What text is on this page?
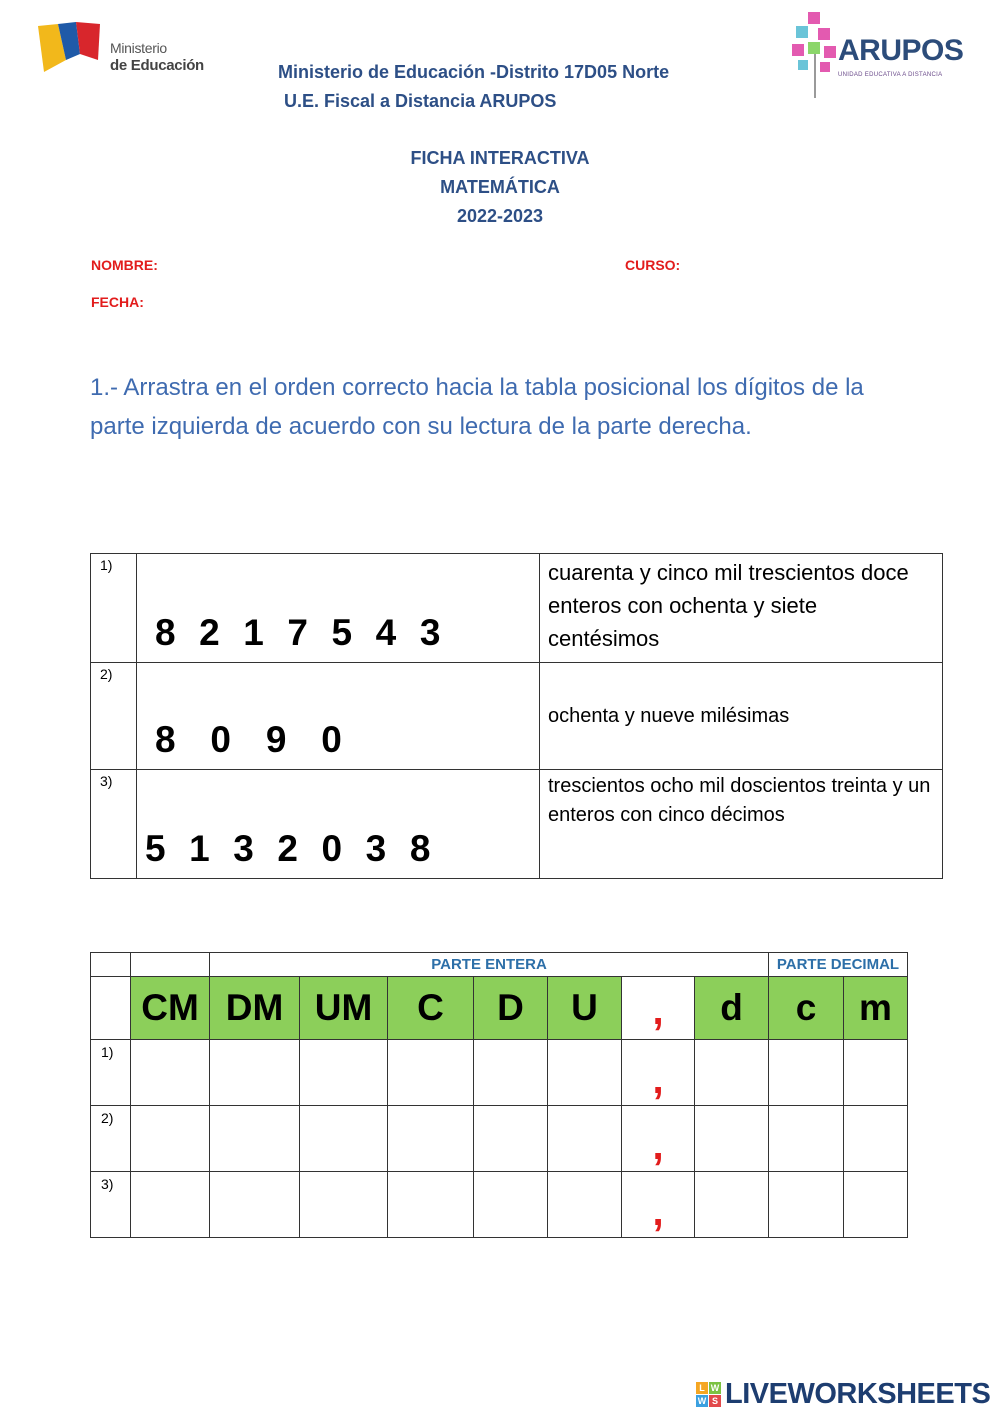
Ministerio
de Educación	ARUPOS
UNIDAD EDUCATIVA A DISTANCIA
Ministerio de Educación -Distrito 17D05 Norte
U.E. Fiscal a Distancia ARUPOS
FICHA INTERACTIVA
MATEMÁTICA
2022-2023
NOMBRE:	CURSO:
FECHA:
1.- Arrastra en el orden correcto hacia la tabla posicional los dígitos de la parte izquierda de acuerdo con su lectura de la parte derecha.
1)	8  2  1  7  5  4  3	cuarenta y cinco mil trescientos doce enteros con ochenta y siete centésimos
2)	8   0   9   0	ochenta y nueve milésimas
3)	5  1  3  2  0  3  8	trescientos ocho mil doscientos treinta y un enteros con cinco décimos
		PARTE ENTERA							PARTE DECIMAL	
	CM	DM	UM	C	D	U	,	d	c	m
1)							,			

2)							,			

3)							,			

L W
W S LIVEWORKSHEETS
